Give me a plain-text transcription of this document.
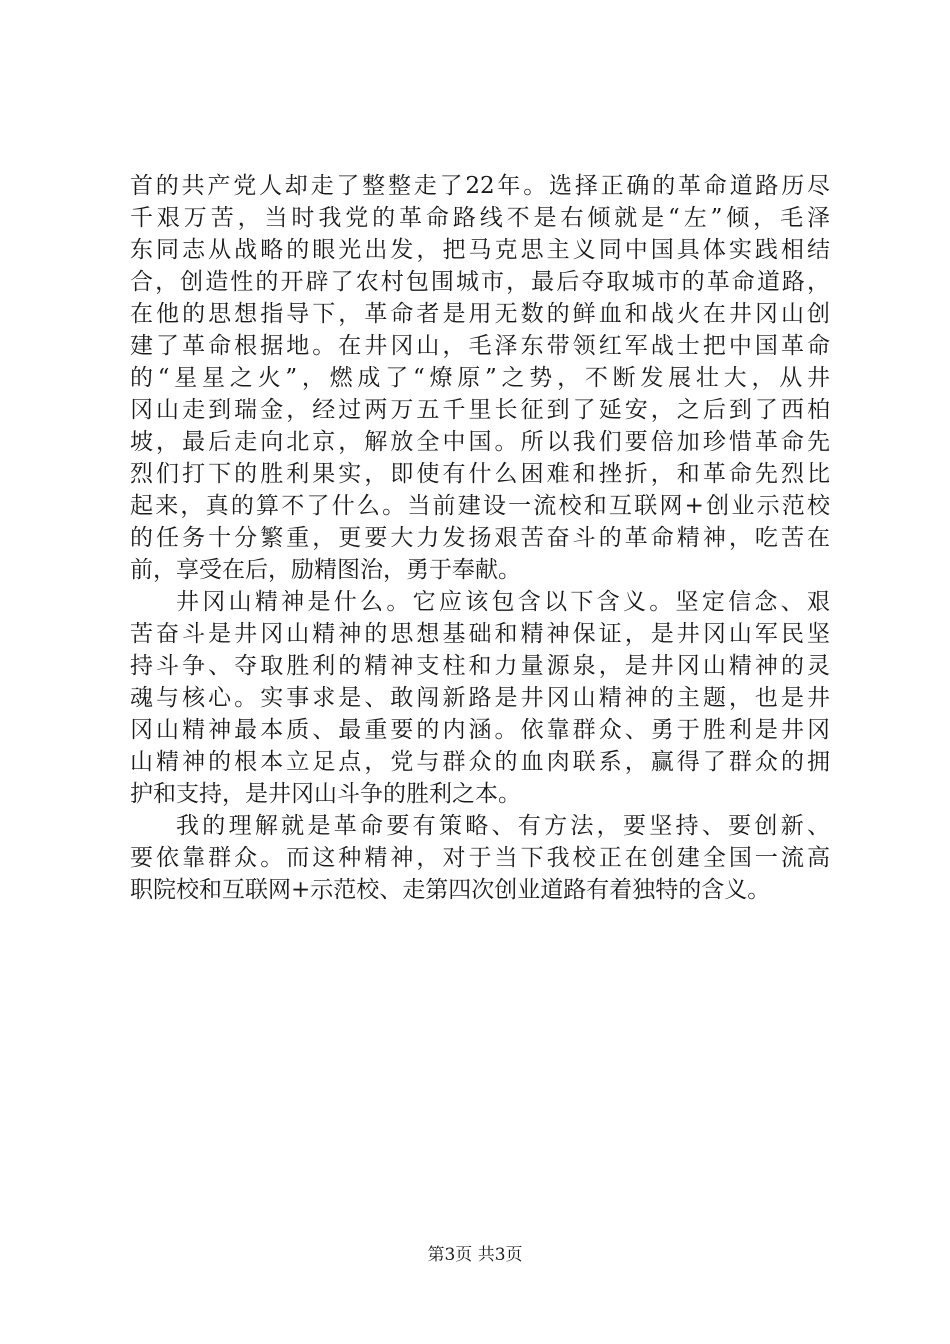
首的共产党人却走了整整走了22年。选择正确的革命道路历尽
千艰万苦，当时我党的革命路线不是右倾就是“左”倾，毛泽
东同志从战略的眼光出发，把马克思主义同中国具体实践相结
合，创造性的开辟了农村包围城市，最后夺取城市的革命道路，
在他的思想指导下，革命者是用无数的鲜血和战火在井冈山创
建了革命根据地。在井冈山，毛泽东带领红军战士把中国革命
的“星星之火”，燃成了“燎原”之势，不断发展壮大，从井
冈山走到瑞金，经过两万五千里长征到了延安，之后到了西柏
坡，最后走向北京，解放全中国。所以我们要倍加珍惜革命先
烈们打下的胜利果实，即使有什么困难和挫折，和革命先烈比
起来，真的算不了什么。当前建设一流校和互联网+创业示范校
的任务十分繁重，更要大力发扬艰苦奋斗的革命精神，吃苦在
前，享受在后，励精图治，勇于奉献。
井冈山精神是什么。它应该包含以下含义。坚定信念、艰
苦奋斗是井冈山精神的思想基础和精神保证，是井冈山军民坚
持斗争、夺取胜利的精神支柱和力量源泉，是井冈山精神的灵
魂与核心。实事求是、敢闯新路是井冈山精神的主题，也是井
冈山精神最本质、最重要的内涵。依靠群众、勇于胜利是井冈
山精神的根本立足点，党与群众的血肉联系，赢得了群众的拥
护和支持，是井冈山斗争的胜利之本。
我的理解就是革命要有策略、有方法，要坚持、要创新、
要依靠群众。而这种精神，对于当下我校正在创建全国一流高
职院校和互联网+示范校、走第四次创业道路有着独特的含义。
第3页 共3页
